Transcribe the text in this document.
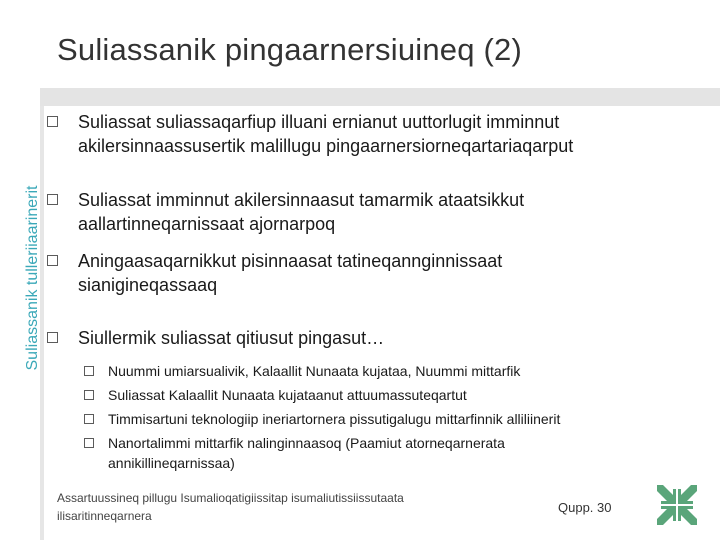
Suliassanik pingaarnersiuineq (2)
Suliassanik tulleriiaarinerit
Suliassat suliassaqarfiup illuani ernianut uuttorlugit imminnut
akilersinnaassusertik malillugu pingaarnersiorneqartariaqarput
Suliassat imminnut akilersinnaasut tamarmik ataatsikkut
aallartinneqarnissaat ajornarpoq
Aningaasaqarnikkut pisinnaasat tatineqannginnissaat
sianigineqassaaq
Siullermik suliassat qitiusut pingasut…
Nuummi umiarsualivik, Kalaallit Nunaata kujataa, Nuummi mittarfik
Suliassat Kalaallit Nunaata kujataanut attuumassuteqartut
Timmisartuni teknologiip ineriartornera pissutigalugu mittarfinnik alliliinerit
Nanortalimmi mittarfik nalinginnaasoq (Paamiut atorneqarnerata
annikillineqarnissaa)
Assartuussineq pillugu Isumalioqatigiissitap isumaliutissiissutaata
ilisaritinneqarnera
Qupp. 30
